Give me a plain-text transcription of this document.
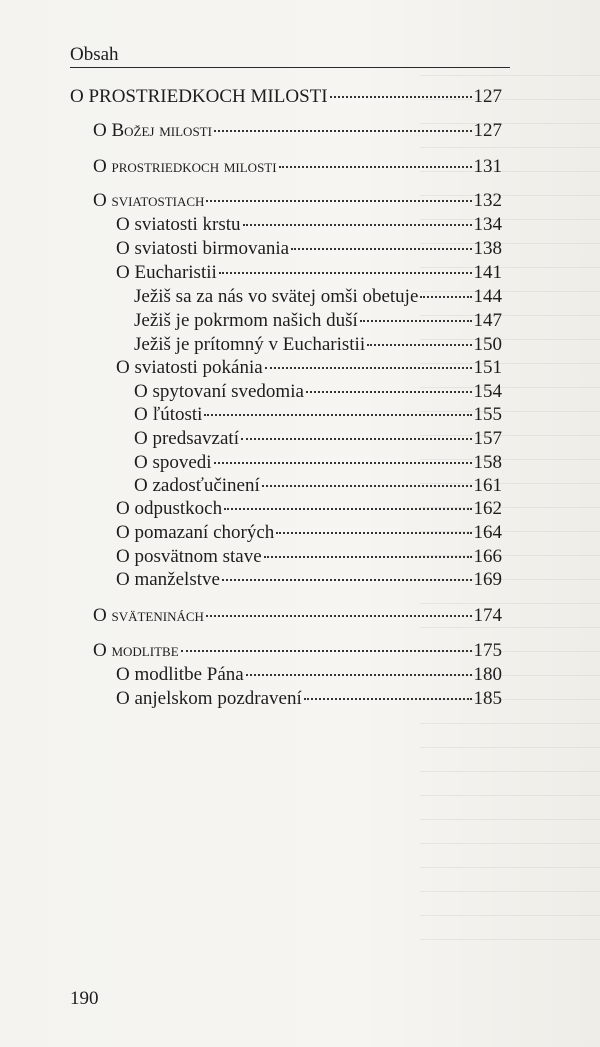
Obsah
O PROSTRIEDKOCH MILOSTI	127
O Božej milosti	127
O prostriedkoch milosti	131
O sviatostiach	132
O sviatosti krstu	134
O sviatosti birmovania	138
O Eucharistii	141
Ježiš sa za nás vo svätej omši obetuje	144
Ježiš je pokrmom našich duší	147
Ježiš je prítomný v Eucharistii	150
O sviatosti pokánia	151
O spytovaní svedomia	154
O ľútosti	155
O predsavzatí	157
O spovedi	158
O zadosťučinení	161
O odpustkoch	162
O pomazaní chorých	164
O posvätnom stave	166
O manželstve	169
O sväteninách	174
O modlitbe	175
O modlitbe Pána	180
O anjelskom pozdravení	185
190
